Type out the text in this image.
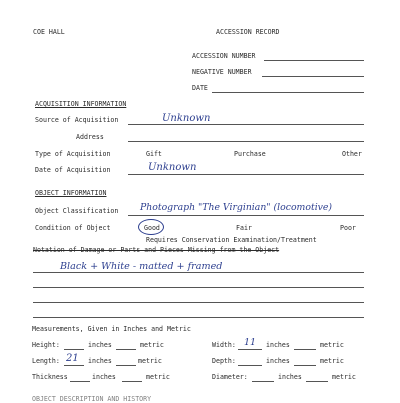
COE HALL	ACCESSION RECORD
ACCESSION NUMBER
NEGATIVE NUMBER
DATE
ACQUISITION INFORMATION
Source of Acquisition	Unknown
Address
Type of Acquisition	Gift	Purchase	Other
Date of Acquisition	Unknown
OBJECT INFORMATION
Object Classification Photograph "The Virginian" (locomotive)
Condition of Object	Good	Fair	Poor
Requires Conservation Examination/Treatment
Notation of Damage or Parts and Pieces Missing from the Object
Black + White - matted + framed
Measurements, Given in Inches and Metric
Height:	inches	metric	Width: 11 inches	metric
Length: 21 inches	metric	Depth:	inches	metric
Thickness	inches	metric	Diameter:	inches	metric
OBJECT DESCRIPTION AND HISTORY
